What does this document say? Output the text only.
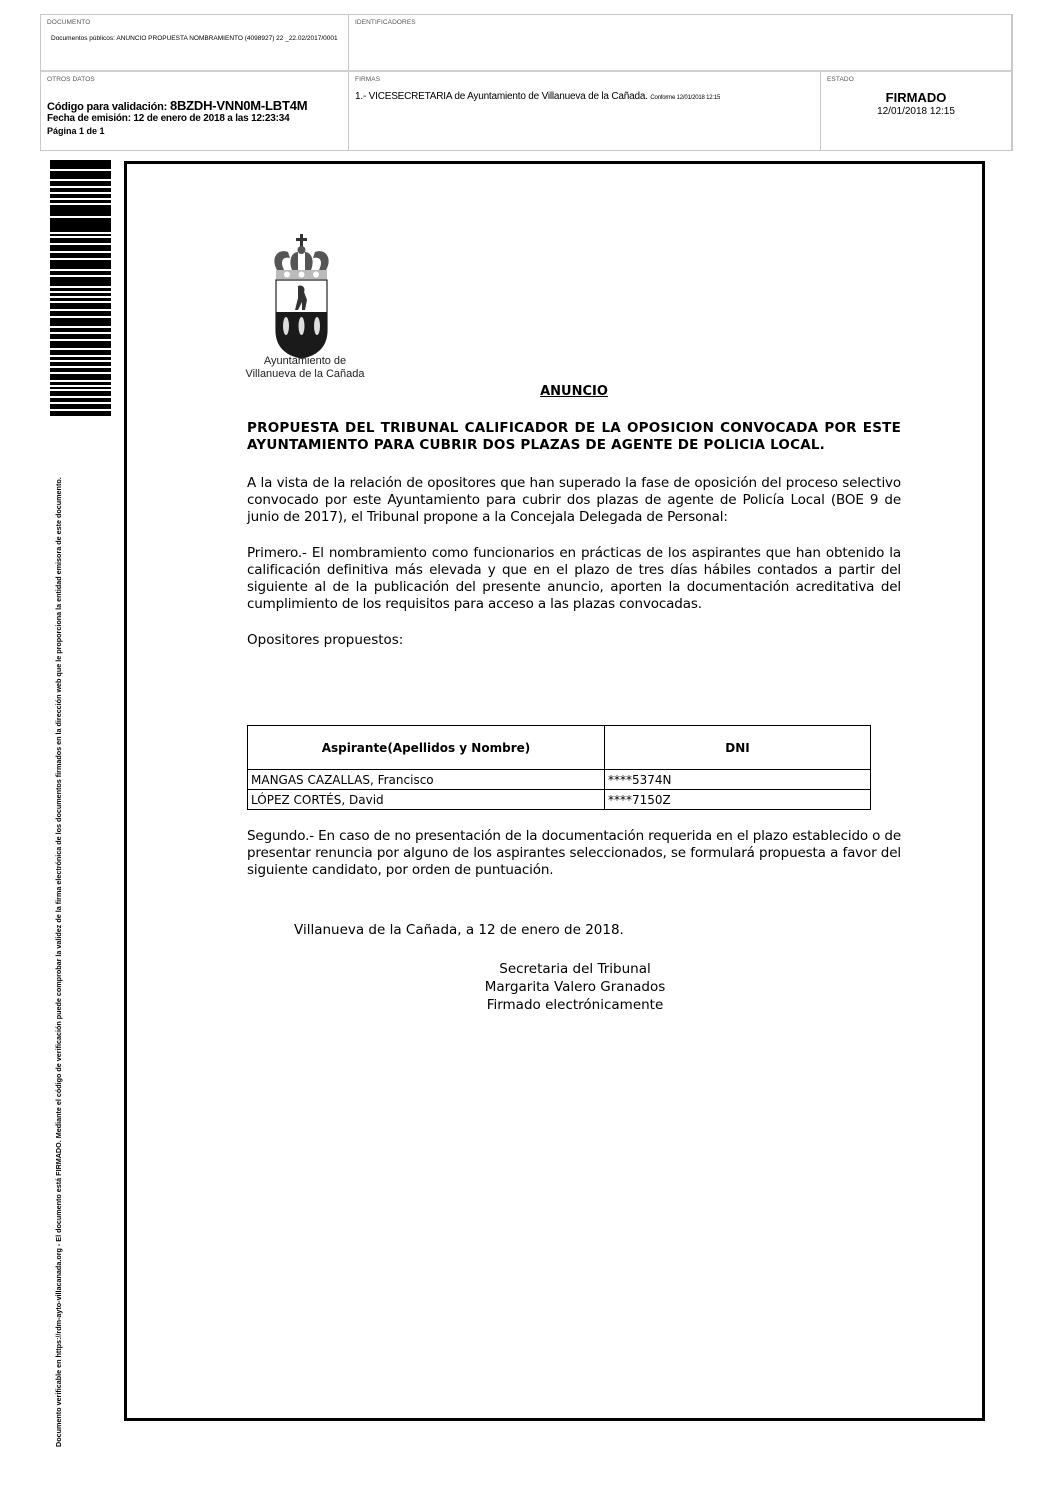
DOCUMENTO
Documentos públicos: ANUNCIO PROPUESTA NOMBRAMIENTO (4098927) 22 _22.02/2017/0001
IDENTIFICADORES
OTROS DATOS
Código para validación: 8BZDH-VNN0M-LBT4M
Fecha de emisión: 12 de enero de 2018 a las 12:23:34
Página 1 de 1
FIRMAS
1.- VICESECRETARIA de Ayuntamiento de Villanueva de la Cañada. Conforme 12/01/2018 12:15
ESTADO
FIRMADO
12/01/2018 12:15
Documento verificable en https://rdm-ayto-villacanada.org - El documento está FIRMADO. Mediante el código de verificación puede comprobar la validez de la firma electrónica de los documentos firmados en la dirección web que le proporciona la entidad emisora de este documento.
Ayuntamiento de
Villanueva de la Cañada
ANUNCIO
PROPUESTA DEL TRIBUNAL CALIFICADOR DE LA OPOSICION CONVOCADA POR ESTE AYUNTAMIENTO PARA CUBRIR DOS PLAZAS DE AGENTE DE POLICIA LOCAL.
A la vista de la relación de opositores que han superado la fase de oposición del proceso selectivo convocado por este Ayuntamiento para cubrir dos plazas de agente de Policía Local (BOE 9 de junio de 2017), el Tribunal propone a la Concejala Delegada de Personal:
Primero.- El nombramiento como funcionarios en prácticas de los aspirantes que han obtenido la calificación definitiva más elevada y que en el plazo de tres días hábiles contados a partir del siguiente al de la publicación del presente anuncio, aporten la documentación acreditativa del cumplimiento de los requisitos para acceso a las plazas convocadas.
Opositores propuestos:
Aspirante(Apellidos y Nombre)	DNI
MANGAS CAZALLAS, Francisco	****5374N
LÓPEZ CORTÉS, David	****7150Z
Segundo.- En caso de no presentación de la documentación requerida en el plazo establecido o de presentar renuncia por alguno de los aspirantes seleccionados, se formulará propuesta a favor del siguiente candidato, por orden de puntuación.
Villanueva de la Cañada, a 12 de enero de 2018.
Secretaria del Tribunal
Margarita Valero Granados
Firmado electrónicamente
